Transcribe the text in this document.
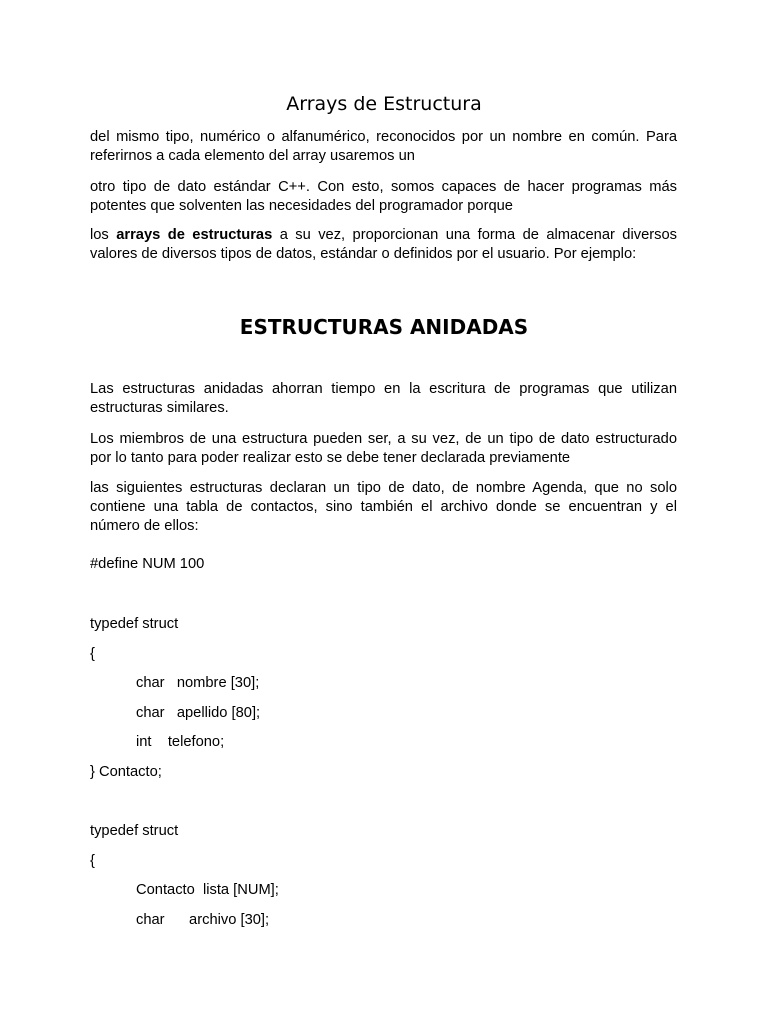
Arrays de Estructura

del mismo tipo, numérico o alfanumérico, reconocidos por un nombre en común. Para referirnos a cada elemento del array usaremos un

otro tipo de dato estándar C++. Con esto, somos capaces de hacer programas más potentes que solventen las necesidades del programador porque

los arrays de estructuras a su vez, proporcionan una forma de almacenar diversos valores de diversos tipos de datos, estándar o definidos por el usuario. Por ejemplo:

ESTRUCTURAS ANIDADAS

Las estructuras anidadas ahorran tiempo en la escritura de programas que utilizan estructuras similares.

Los miembros de una estructura pueden ser, a su vez, de un tipo de dato estructurado por lo tanto para poder realizar esto se debe tener declarada previamente

las siguientes estructuras declaran un tipo de dato, de nombre Agenda, que no solo contiene una tabla de contactos, sino también el archivo donde se encuentran y el número de ellos:

#define NUM 100
typedef struct
{
char   nombre [30];
char   apellido [80];
int    telefono;
} Contacto;
typedef struct
{
Contacto  lista [NUM];
char      archivo [30];
